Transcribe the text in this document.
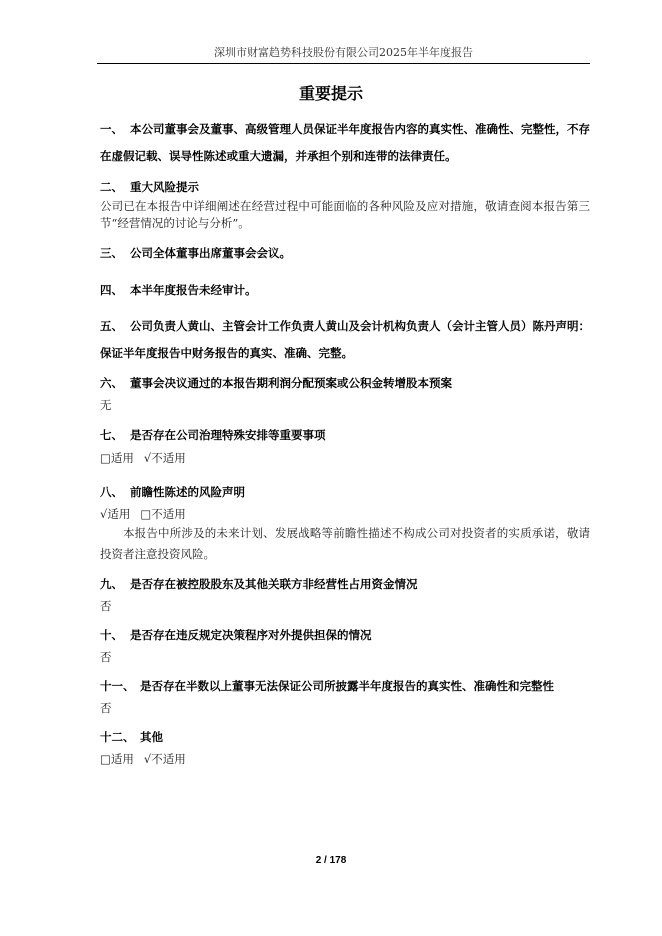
深圳市财富趋势科技股份有限公司2025年半年度报告
重要提示
一、 本公司董事会及董事、高级管理人员保证半年度报告内容的真实性、准确性、完整性，不存在虚假记载、误导性陈述或重大遗漏，并承担个别和连带的法律责任。
二、 重大风险提示
公司已在本报告中详细阐述在经营过程中可能面临的各种风险及应对措施，敬请查阅本报告第三节“经营情况的讨论与分析”。
三、 公司全体董事出席董事会会议。
四、 本半年度报告未经审计。
五、 公司负责人黄山、主管会计工作负责人黄山及会计机构负责人（会计主管人员）陈丹声明：保证半年度报告中财务报告的真实、准确、完整。
六、 董事会决议通过的本报告期利润分配预案或公积金转增股本预案
无
七、 是否存在公司治理特殊安排等重要事项
□适用 √不适用
八、 前瞻性陈述的风险声明
√适用 □不适用
本报告中所涉及的未来计划、发展战略等前瞻性描述不构成公司对投资者的实质承诺，敬请投资者注意投资风险。
九、 是否存在被控股股东及其他关联方非经营性占用资金情况
否
十、 是否存在违反规定决策程序对外提供担保的情况
否
十一、 是否存在半数以上董事无法保证公司所披露半年度报告的真实性、准确性和完整性
否
十二、 其他
□适用 √不适用
2 / 178
